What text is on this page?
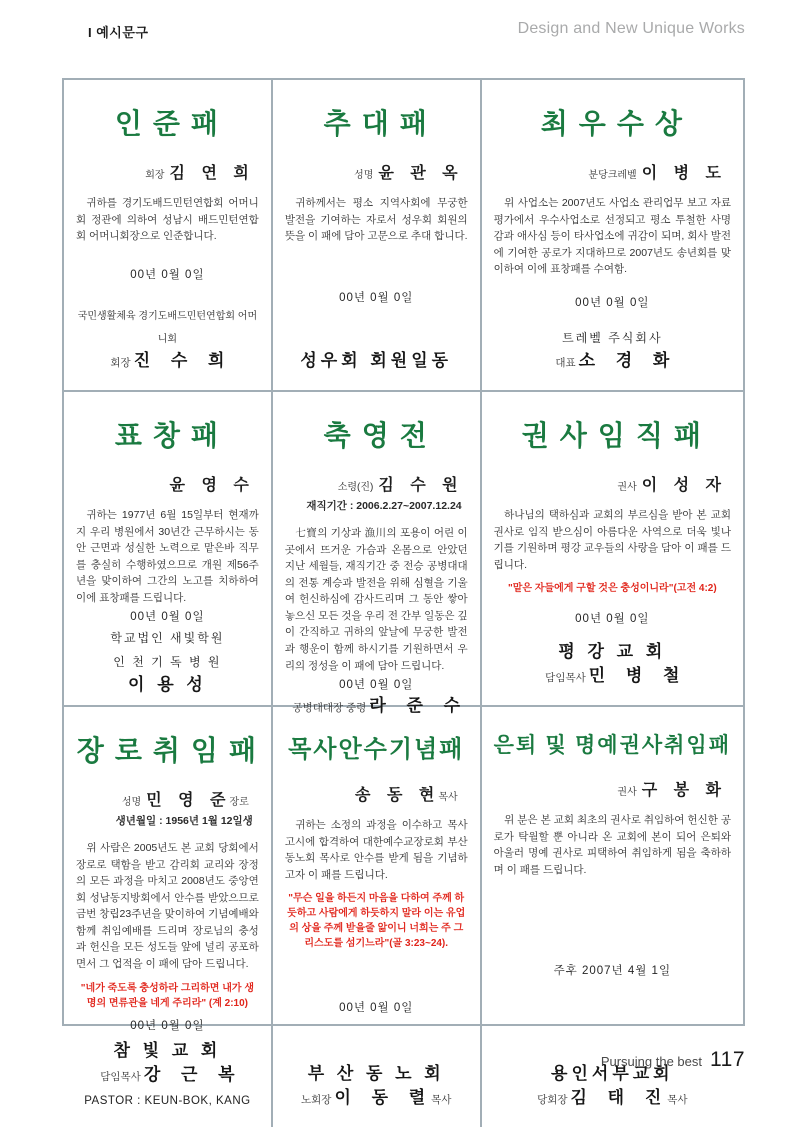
I 예시문구	Design and New Unique Works
인 준 패
회장 김 연 희

귀하를 경기도배드민턴연합회 어머니회 정관에 의하여 성남시 배드민턴연합회 어머니회장으로 인준합니다.

00년 0월 0일
국민생활체육 경기도배드민턴연합회 어머니회
회장 진 수 희
추 대 패
성명 윤 관 옥

귀하께서는 평소 지역사회에 무궁한 발전을 기여하는 자로서 성우회 회원의 뜻을 이 패에 담아 고문으로 추대 합니다.

00년 0월 0일
성우회 회원일동
최 우 수 상
분당크레벨 이 병 도

위 사업소는 2007년도 사업소 관리업무 보고 자료 평가에서 우수사업소로 선정되고 평소 투철한 사명감과 애사심 등이 타사업소에 귀감이 되며, 회사 발전에 기여한 공로가 지대하므로 2007년도 송년회를 맞이하여 이에 표창패를 수여함.

00년 0월 0일
트레벨 주식회사
대표 소 경 화
표 창 패
윤 영 수

귀하는 1977년 6월 15일부터 현재까지 우리 병원에서 30년간 근무하시는 동안 근면과 성실한 노력으로 맡은바 직무를 충실히 수행하였으므로 개원 제56주년을 맞이하여 그간의 노고를 치하하여 이에 표창패를 드립니다.

00년 0월 0일
학교법인 새빛학원
인 천 기 독 병 원
이 용 성
축 영 전
소령(진) 김 수 원
재직기간 : 2006.2.27~2007.12.24

七寶의 기상과 漁川의 포용이 어린 이곳에서 뜨거운 가슴과 온몸으로 안았던 지난 세월들, 재직기간 중 전승 공병대대의 전통 계승과 발전을 위해 심혈을 기울여 헌신하심에 감사드리며 그 동안 쌓아 놓으신 모든 것을 우리 전 간부 일동은 깊이 간직하고 귀하의 앞날에 무궁한 발전과 행운이 함께 하시기를 기원하면서 우리의 정성을 이 패에 담아 드립니다.

00년 0월 0일
공병대대장 중령 라 준 수
권 사 임 직 패
권사 이 성 자

하나님의 택하심과 교회의 부르심을 받아 본 교회 권사로 임직 받으심이 아름다운 사역으로 더욱 빛나기를 기원하며 평강 교우들의 사랑을 담아 이 패를 드립니다.

"맡은 자들에게 구할 것은 충성이니라"(고전 4:2)
00년 0월 0일
평 강 교 회
담임목사 민 병 철
장 로 취 임 패
성명 민 영 준 장로
생년월일 : 1956년 1월 12일생

위 사람은 2005년도 본 교회 당회에서 장로로 택함을 받고 감리회 교리와 장정의 모든 과정을 마치고 2008년도 중앙연회 성남동지방회에서 안수를 받았으므로 금번 창립23주년을 맞이하여 기념예배와 함께 취임예배를 드리며 장로님의 충성과 헌신을 모든 성도들 앞에 널리 공포하면서 그 업적을 이 패에 담아 드립니다.

"네가 죽도록 충성하라 그리하면 내가 생명의 면류관을 네게 주리라" (계 2:10)
00년 0월 0일
참 빛 교 회
담임목사 강 근 복
PASTOR : KEUN-BOK, KANG
목사안수기념패
송 동 현 목사

귀하는 소정의 과정을 이수하고 목사 고시에 합격하여 대한예수교장로회 부산동노회 목사로 안수를 받게 됨을 기념하고자 이 패를 드립니다.

"무슨 일을 하든지 마음을 다하여 주께 하듯하고 사람에게 하듯하지 말라 이는 유업의 상을 주께 받을줄 앎이니 너희는 주 그리스도를 섬기느라"(골 3:23~24).
00년 0월 0일
부 산 동 노 회
노회장 이 동 렬 목사
은퇴 및 명예권사취임패
권사 구 봉 화

위 분은 본 교회 최초의 권사로 취임하여 헌신한 공로가 탁월할 뿐 아니라 온 교회에 본이 되어 은퇴와 아울러 명예 권사로 피택하여 취임하게 됨을 축하하며 이 패를 드립니다.

주후 2007년 4월 1일
용인서부교회
당회장 김 태 진 목사
Pursuing the best 117
